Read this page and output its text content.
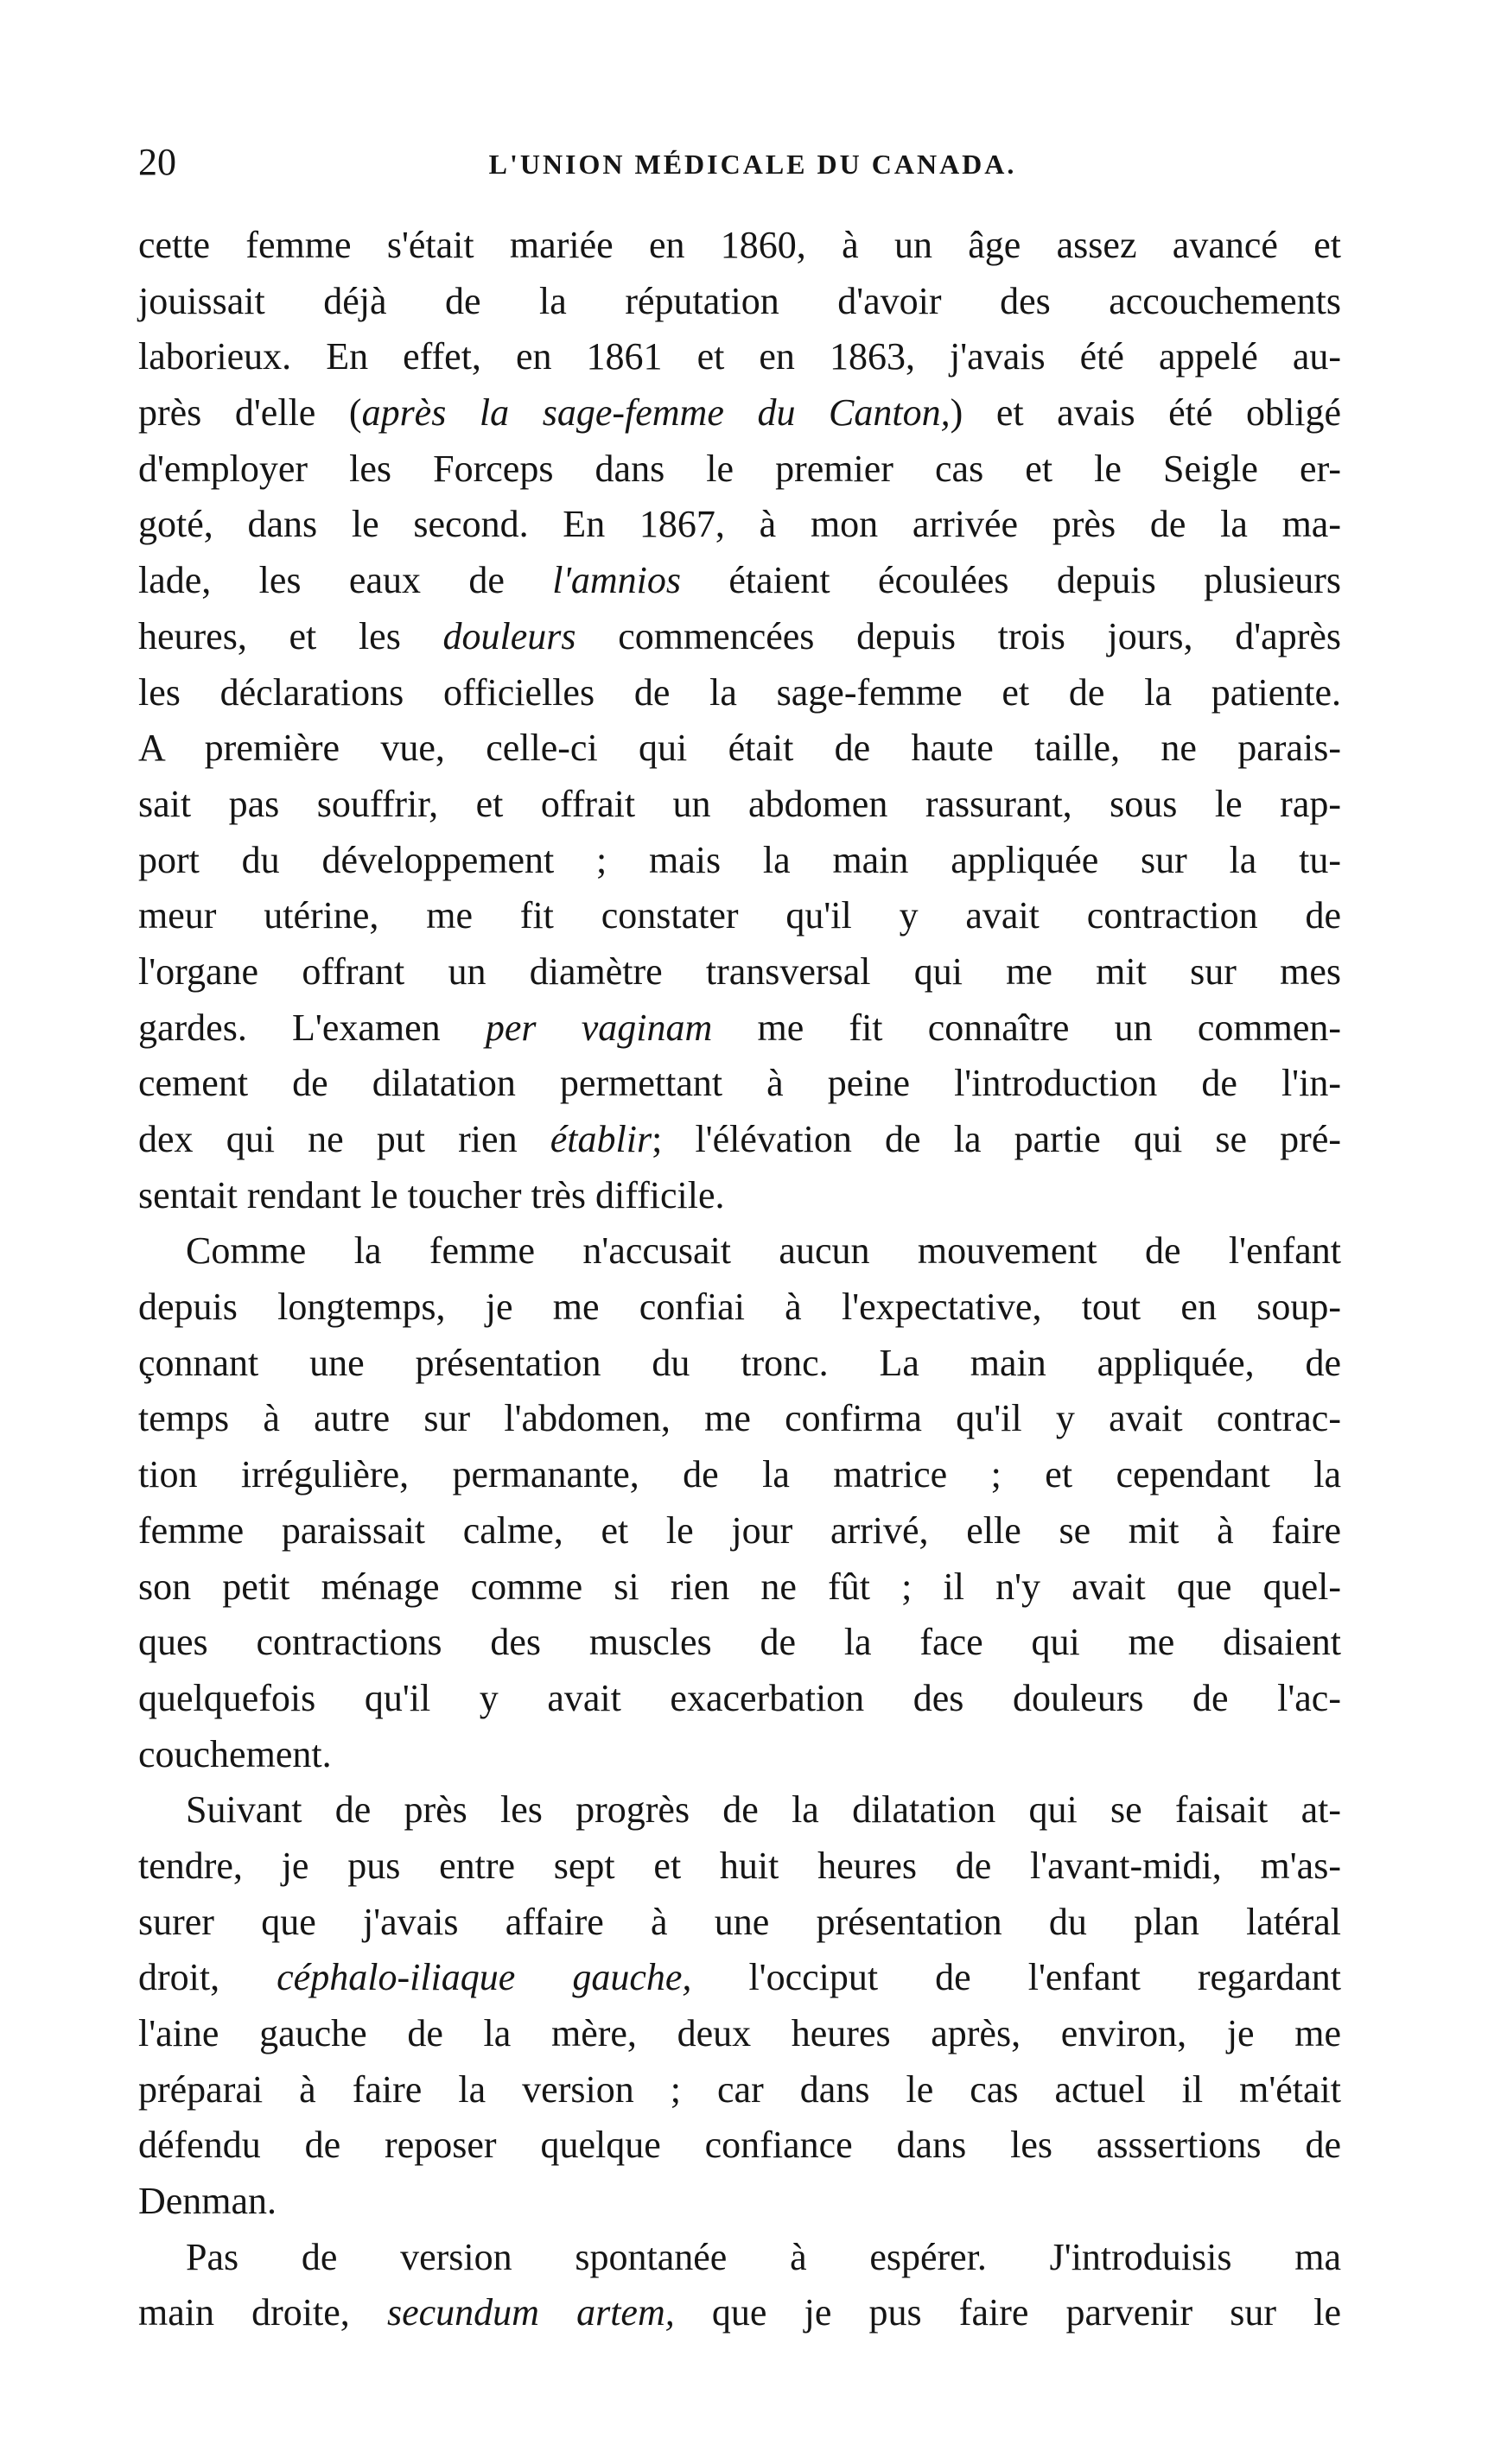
20	L'UNION MÉDICALE DU CANADA.
cette femme s'était mariée en 1860, à un âge assez avancé et
jouissait déjà de la réputation d'avoir des accouchements
laborieux. En effet, en 1861 et en 1863, j'avais été appelé au-
près d'elle (après la sage-femme du Canton,) et avais été obligé
d'employer les Forceps dans le premier cas et le Seigle er-
goté, dans le second. En 1867, à mon arrivée près de la ma-
lade, les eaux de l'amnios étaient écoulées depuis plusieurs
heures, et les douleurs commencées depuis trois jours, d'après
les déclarations officielles de la sage-femme et de la patiente.
A première vue, celle-ci qui était de haute taille, ne parais-
sait pas souffrir, et offrait un abdomen rassurant, sous le rap-
port du développement ; mais la main appliquée sur la tu-
meur utérine, me fit constater qu'il y avait contraction de
l'organe offrant un diamètre transversal qui me mit sur mes
gardes. L'examen per vaginam me fit connaître un commen-
cement de dilatation permettant à peine l'introduction de l'in-
dex qui ne put rien établir; l'élévation de la partie qui se pré-
sentait rendant le toucher très difficile.
Comme la femme n'accusait aucun mouvement de l'enfant
depuis longtemps, je me confiai à l'expectative, tout en soup-
çonnant une présentation du tronc. La main appliquée, de
temps à autre sur l'abdomen, me confirma qu'il y avait contrac-
tion irrégulière, permanante, de la matrice ; et cependant la
femme paraissait calme, et le jour arrivé, elle se mit à faire
son petit ménage comme si rien ne fût ; il n'y avait que quel-
ques contractions des muscles de la face qui me disaient
quelquefois qu'il y avait exacerbation des douleurs de l'ac-
couchement.
Suivant de près les progrès de la dilatation qui se faisait at-
tendre, je pus entre sept et huit heures de l'avant-midi, m'as-
surer que j'avais affaire à une présentation du plan latéral
droit, céphalo-iliaque gauche, l'occiput de l'enfant regardant
l'aine gauche de la mère, deux heures après, environ, je me
préparai à faire la version ; car dans le cas actuel il m'était
défendu de reposer quelque confiance dans les asssertions de
Denman.
Pas de version spontanée à espérer. J'introduisis ma
main droite, secundum artem, que je pus faire parvenir sur le
